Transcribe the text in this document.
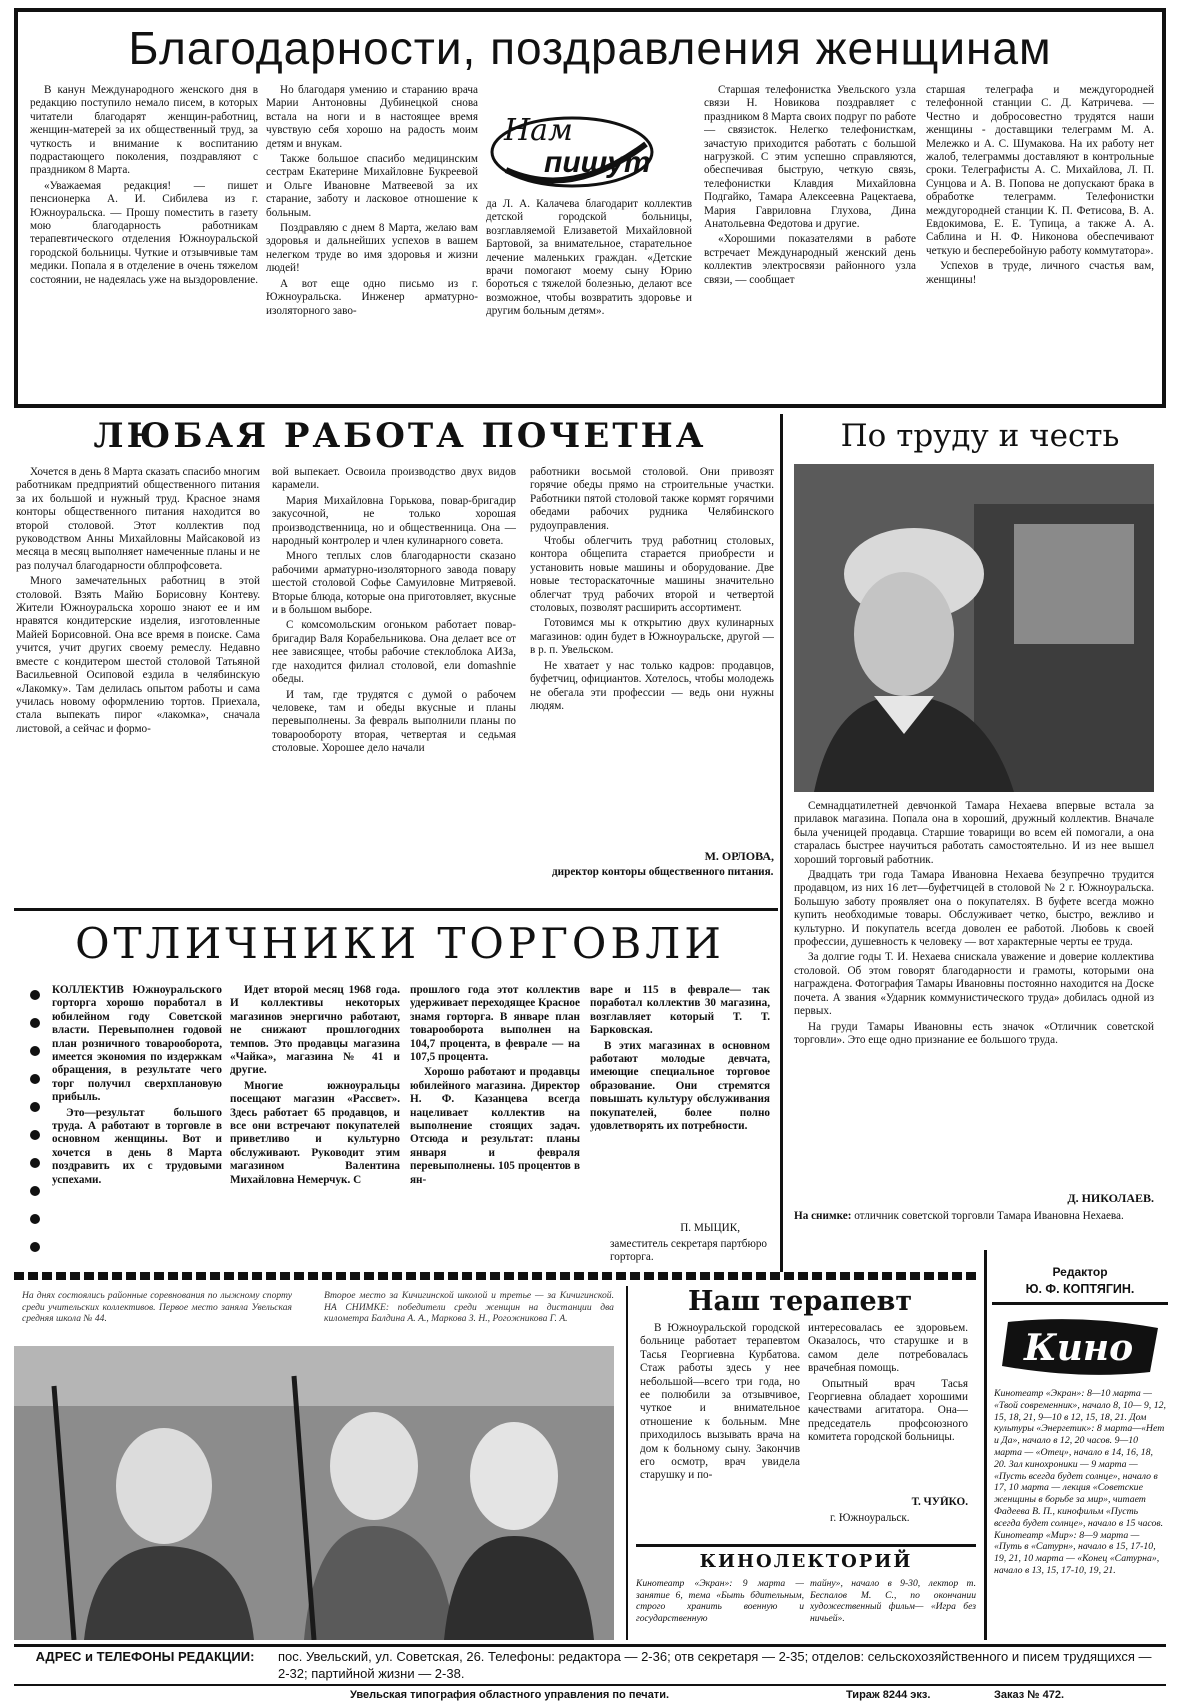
Благодарности, поздравления женщинам

В канун Международного женского дня в редакцию поступило немало писем, в которых читатели благодарят женщин-работниц, женщин-матерей за их общественный труд, за чуткость и внимание к воспитанию подрастающего поколения, поздравляют с праздником 8 Марта.

«Уважаемая редакция! — пишет пенсионерка А. И. Сибилева из г. Южноуральска. — Прошу поместить в газету мою благодарность работникам терапевтического отделения Южноуральской городской больницы. Чуткие и отзывчивые там медики. Попала я в отделение в очень тяжелом состоянии, не надеялась уже на выздоровление.

Но благодаря умению и старанию врача Марии Антоновны Дубинецкой снова встала на ноги и в настоящее время чувствую себя хорошо на радость моим детям и внукам.

Также большое спасибо медицинским сестрам Екатерине Михайловне Букреевой и Ольге Ивановне Матвеевой за их старание, заботу и ласковое отношение к больным.

Поздравляю с днем 8 Марта, желаю вам здоровья и дальнейших успехов в вашем нелегком труде во имя здоровья и жизни людей!

А вот еще одно письмо из г. Южноуральска. Инженер арматурно-изоляторного заво-

Нам
пишут

да Л. А. Калачева благодарит коллектив детской городской больницы, возглавляемой Елизаветой Михайловной Бартовой, за внимательное, старательное лечение маленьких граждан. «Детские врачи помогают моему сыну Юрию бороться с тяжелой болезнью, делают все возможное, чтобы возвратить здоровье и другим больным детям».

Старшая телефонистка Увельского узла связи Н. Новикова поздравляет с праздником 8 Марта своих подруг по работе — связисток. Нелегко телефонисткам, зачастую приходится работать с большой нагрузкой. С этим успешно справляются, обеспечивая быструю, четкую связь, телефонистки Клавдия Михайловна Подгайко, Тамара Алексеевна Рацектаева, Мария Гавриловна Глухова, Дина Анатольевна Федотова и другие.

«Хорошими показателями в работе встречает Международный женский день коллектив электросвязи районного узла связи, — сообщает

старшая телеграфа и междугородней телефонной станции С. Д. Катричева. — Честно и добросовестно трудятся наши женщины - доставщики телеграмм М. А. Мележко и А. С. Шумакова. На их работу нет жалоб, телеграммы доставляют в контрольные сроки. Телеграфисты А. С. Михайлова, Л. П. Сунцова и А. В. Попова не допускают брака в обработке телеграмм. Телефонистки междугородней станции К. П. Фетисова, В. А. Евдокимова, Е. Е. Тупица, а также А. А. Саблина и Н. Ф. Никонова обеспечивают четкую и бесперебойную работу коммутатора».

Успехов в труде, личного счастья вам, женщины!

ЛЮБАЯ РАБОТА ПОЧЕТНА

Хочется в день 8 Марта сказать спасибо многим работникам предприятий общественного питания за их большой и нужный труд. Красное знамя конторы общественного питания находится во второй столовой. Этот коллектив под руководством Анны Михайловны Майсаковой из месяца в месяц выполняет намеченные планы и не раз получал благодарности облпрофсовета.

Много замечательных работниц в этой столовой. Взять Майю Борисовну Контеву. Жители Южноуральска хорошо знают ее и им нравятся кондитерские изделия, изготовленные Майей Борисовной. Она все время в поиске. Сама учится, учит других своему ремеслу. Недавно вместе с кондитером шестой столовой Татьяной Васильевной Осиповой ездила в челябинскую «Лакомку». Там делилась опытом работы и сама училась новому оформлению тортов. Приехала, стала выпекать пирог «лакомка», сначала листовой, а сейчас и формо-

вой выпекает. Освоила производство двух видов карамели.

Мария Михайловна Горькова, повар-бригадир закусочной, не только хорошая производственница, но и общественница. Она — народный контролер и член кулинарного совета.

Много теплых слов благодарности сказано рабочими арматурно-изоляторного завода повару шестой столовой Софье Самуиловне Митряевой. Вторые блюда, которые она приготовляет, вкусные и в большом выборе.

С комсомольским огоньком работает повар-бригадир Валя Корабельникова. Она делает все от нее зависящее, чтобы рабочие стеклоблока АИЗа, где находится филиал столовой, ели domashnie обеды.

И там, где трудятся с думой о рабочем человеке, там и обеды вкусные и планы перевыполнены. За февраль выполнили планы по товарообороту вторая, четвертая и седьмая столовые. Хорошее дело начали

работники восьмой столовой. Они привозят горячие обеды прямо на строительные участки. Работники пятой столовой также кормят горячими обедами рабочих рудника Челябинского рудоуправления.

Чтобы облегчить труд работниц столовых, контора общепита старается приобрести и установить новые машины и оборудование. Две новые тестораскаточные машины значительно облегчат труд рабочих второй и четвертой столовых, позволят расширить ассортимент.

Готовимся мы к открытию двух кулинарных магазинов: один будет в Южноуральске, другой — в р. п. Увельском.

Не хватает у нас только кадров: продавцов, буфетчиц, официантов. Хотелось, чтобы молодежь не обегала эти профессии — ведь они нужны людям.

М. ОРЛОВА,
директор конторы общественного питания.
По труду и честь

Семнадцатилетней девчонкой Тамара Нехаева впервые встала за прилавок магазина. Попала она в хороший, дружный коллектив. Вначале была ученицей продавца. Старшие товарищи во всем ей помогали, а она старалась быстрее научиться работать самостоятельно. И из нее вышел хороший торговый работник.

Двадцать три года Тамара Ивановна Нехаева безупречно трудится продавцом, из них 16 лет—буфетчицей в столовой № 2 г. Южноуральска. Большую заботу проявляет она о покупателях. В буфете всегда можно купить необходимые товары. Обслуживает четко, быстро, вежливо и культурно. И покупатель всегда доволен ее работой. Любовь к своей профессии, душевность к человеку — вот характерные черты ее труда.

За долгие годы Т. И. Нехаева снискала уважение и доверие коллектива столовой. Об этом говорят благодарности и грамоты, которыми она награждена. Фотография Тамары Ивановны постоянно находится на Доске почета. А звания «Ударник коммунистического труда» добилась одной из первых.

На груди Тамары Ивановны есть значок «Отличник советской торговли». Это еще одно признание ее большого труда.

Д. НИКОЛАЕВ.
На снимке: отличник советской торговли Тамара Ивановна Нехаева.
ОТЛИЧНИКИ ТОРГОВЛИ

КОЛЛЕКТИВ Южноуральского горторга хорошо поработал в юбилейном году Советской власти. Перевыполнен годовой план розничного товарооборота, имеется экономия по издержкам обращения, в результате чего торг получил сверхплановую прибыль.

Это—результат большого труда. А работают в торговле в основном женщины. Вот и хочется в день 8 Марта поздравить их с трудовыми успехами.

Идет второй месяц 1968 года. И коллективы некоторых магазинов энергично работают, не снижают прошлогодних темпов. Это продавцы магазина «Чайка», магазина № 41 и другие.

Многие южноуральцы посещают магазин «Рассвет». Здесь работает 65 продавцов, и все они встречают покупателей приветливо и культурно обслуживают. Руководит этим магазином Валентина Михайловна Немерчук. С

прошлого года этот коллектив удерживает переходящее Красное знамя горторга. В январе план товарооборота выполнен на 104,7 процента, в феврале — на 107,5 процента.

Хорошо работают и продавцы юбилейного магазина. Директор Н. Ф. Казанцева всегда нацеливает коллектив на выполнение стоящих задач. Отсюда и результат: планы января и февраля перевыполнены. 105 процентов в ян-

варе и 115 в феврале— так поработал коллектив 30 магазина, возглавляет который Т. Т. Барковская.

В этих магазинах в основном работают молодые девчата, имеющие специальное торговое образование. Они стремятся повышать культуру обслуживания покупателей, более полно удовлетворять их потребности.

П. МЫЦИК,
заместитель секретаря партбюро горторга.
На днях состоялись районные соревнования по лыжному спорту среди учительских коллективов. Первое место заняла Увельская средняя школа № 44.
Второе место за Кичигинской школой и третье — за Кичигинской. НА СНИМКЕ: победители среди женщин на дистанции два километра Балдина А. А., Маркова З. Н., Рогожникова Г. А.
Наш терапевт

В Южноуральской городской больнице работает терапевтом Тасья Георгиевна Курбатова. Стаж работы здесь у нее небольшой—всего три года, но ее полюбили за отзывчивое, чуткое и внимательное отношение к больным. Мне приходилось вызывать врача на дом к больному сыну. Закончив его осмотр, врач увидела старушку и по-

интересовалась ее здоровьем. Оказалось, что старушке и в самом деле потребовалась врачебная помощь.

Опытный врач Тасья Георгиевна обладает хорошими качествами агитатора. Она— председатель профсоюзного комитета городской больницы.

Т. ЧУЙКО.
г. Южноуральск.
КИНОЛЕКТОРИЙ
Кинотеатр «Экран»: 9 марта — занятие 6, тема «Быть бдительным, строго хранить военную и государственную
тайну», начало в 9-30, лектор т. Беспалов М. С., по окончании художественный фильм— «Игра без ничьей».
Редактор
Ю. Ф. КОПТЯГИН.
Кино
Кинотеатр «Экран»: 8—10 марта — «Твой современник», начало 8, 10— 9, 12, 15, 18, 21, 9—10 в 12, 15, 18, 21. Дом культуры «Энергетик»: 8 марта—«Нет и Да», начало в 12, 20 часов. 9—10 марта — «Отец», начало в 14, 16, 18, 20. Зал кинохроники — 9 марта — «Пусть всегда будет солнце», начало в 17, 10 марта — лекция «Советские женщины в борьбе за мир», читает Фадеева В. П., кинофильм «Пусть всегда будет солнце», начало в 15 часов. Кинотеатр «Мир»: 8—9 марта — «Путь в «Сатурн», начало в 15, 17-10, 19, 21, 10 марта — «Конец «Сатурна», начало в 13, 15, 17-10, 19, 21.
АДРЕС и ТЕЛЕФОНЫ РЕДАКЦИИ:	пос. Увельский, ул. Советская, 26. Телефоны: редактора — 2-36; отв секретаря — 2-35; отделов: сельскохозяйственного и писем трудящихся — 2-32; партийной жизни — 2-38.
Увельская типография областного управления по печати.	Тираж 8244 экз.	Заказ № 472.
